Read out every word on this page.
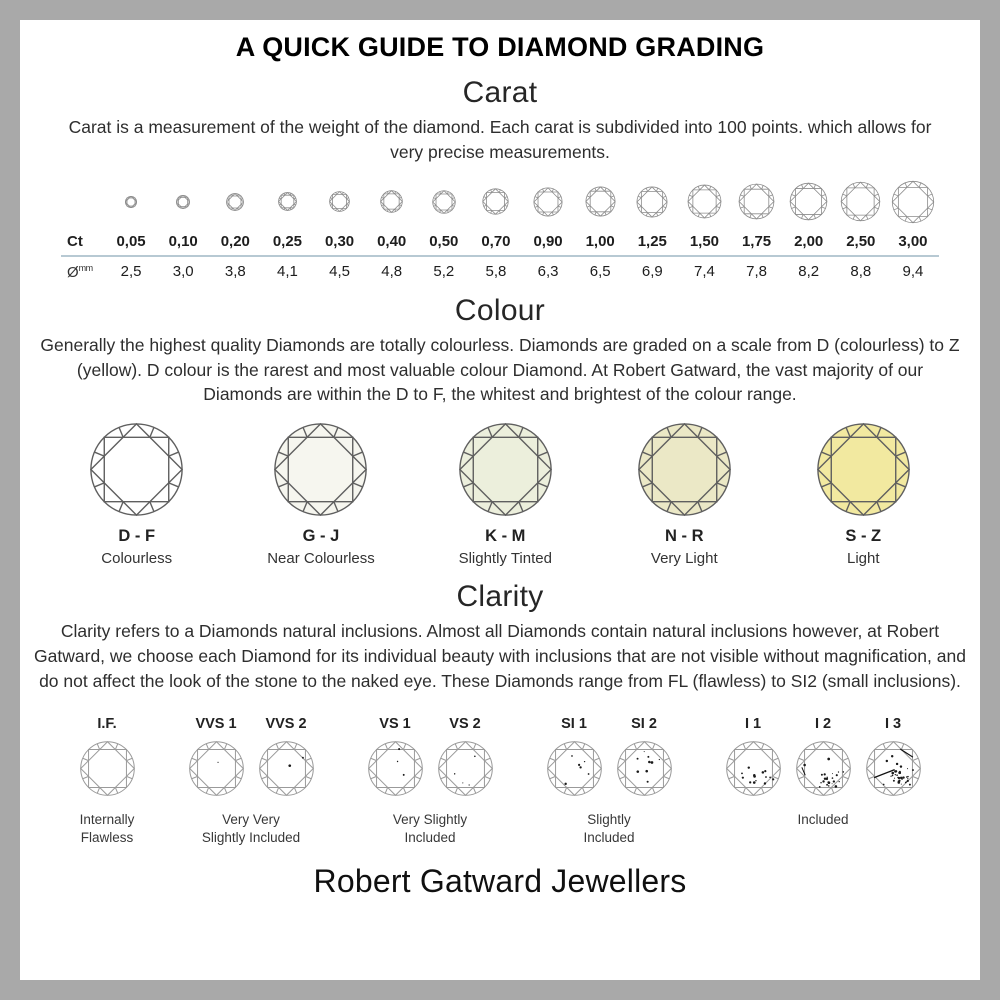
A QUICK GUIDE TO DIAMOND GRADING
Carat

Carat is a measurement of the weight of the diamond. Each carat is subdivided into 100 points. which allows for very precise measurements.

Ct	0,05	0,10	0,20	0,25	0,30	0,40	0,50	0,70	0,90	1,00	1,25	1,50	1,75	2,00	2,50	3,00
$Ø^{mm}$	2,5	3,0	3,8	4,1	4,5	4,8	5,2	5,8	6,3	6,5	6,9	7,4	7,8	8,2	8,8	9,4
Colour

Generally the highest quality Diamonds are totally colourless. Diamonds are graded on a scale from D (colourless) to Z (yellow). D colour is the rarest and most valuable colour Diamond. At Robert Gatward, the vast majority of our Diamonds are within the D to F, the whitest and brightest of the colour range.

D - F
Colourless
G - J
Near Colourless
K - M
Slightly Tinted
N - R
Very Light
S - Z
Light
Clarity

Clarity refers to a Diamonds natural inclusions. Almost all Diamonds contain natural inclusions however, at Robert Gatward, we choose each Diamond for its individual beauty with inclusions that are not visible without magnification, and do not affect the look of the stone to the naked eye. These Diamonds range from FL (flawless) to SI2 (small inclusions).

I.F.
Internally
Flawless
VVS 1	VVS 2
Very Very
Slightly Included
VS 1	VS 2
Very Slightly
Included
SI 1	SI 2
Slightly
Included
I 1	I 2	I 3
Included
Robert Gatward Jewellers
